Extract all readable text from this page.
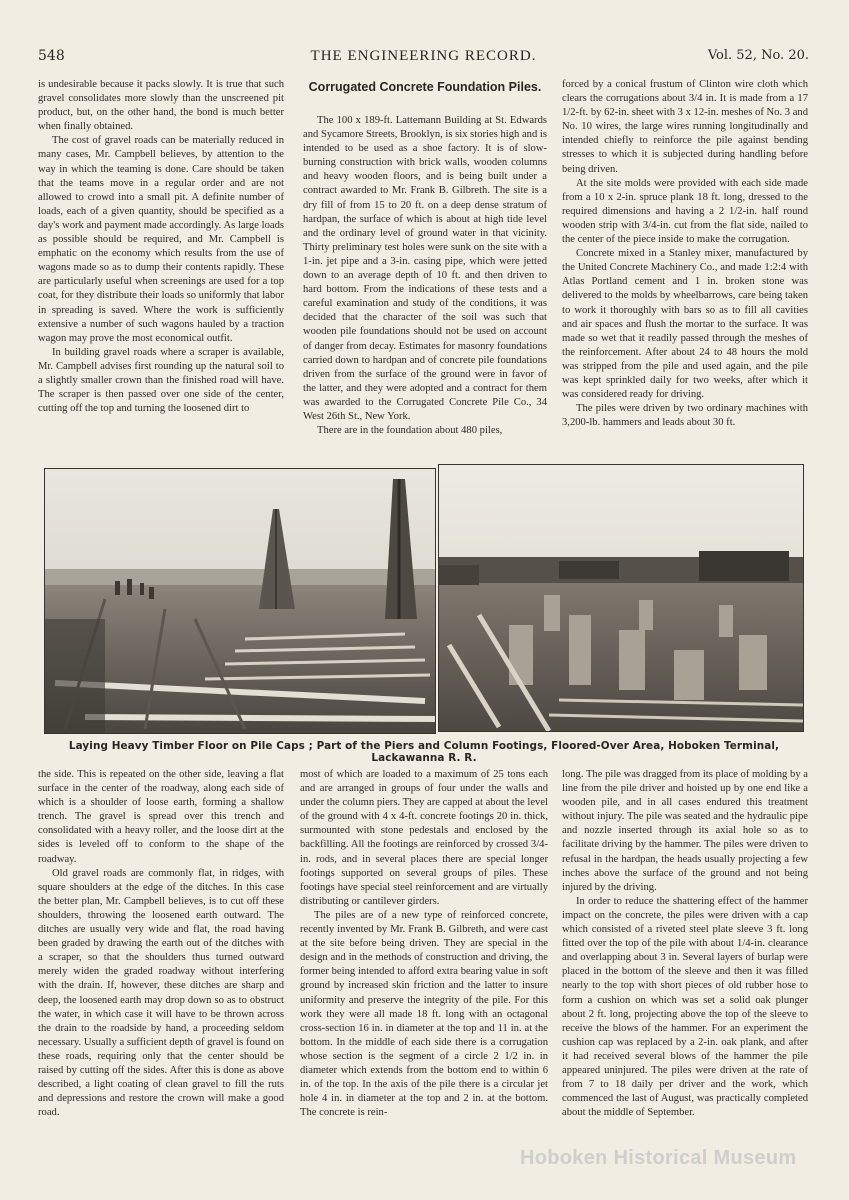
548	THE ENGINEERING RECORD.	Vol. 52, No. 20.
Corrugated Concrete Foundation Piles.

is undesirable because it packs slowly. It is true that such gravel consolidates more slowly than the unscreened pit product, but, on the other hand, the bond is much better when finally obtained.

The cost of gravel roads can be materially reduced in many cases, Mr. Campbell believes, by attention to the way in which the teaming is done. Care should be taken that the teams move in a regular order and are not allowed to crowd into a small pit. A definite number of loads, each of a given quantity, should be specified as a day's work and payment made accordingly. As large loads as possible should be required, and Mr. Campbell is emphatic on the economy which results from the use of wagons made so as to dump their contents rapidly. These are particularly useful when screenings are used for a top coat, for they distribute their loads so uniformly that labor in spreading is saved. Where the work is sufficiently extensive a number of such wagons hauled by a traction wagon may prove the most economical outfit.

In building gravel roads where a scraper is available, Mr. Campbell advises first rounding up the natural soil to a slightly smaller crown than the finished road will have. The scraper is then passed over one side of the center, cutting off the top and turning the loosened dirt to

The 100 x 189-ft. Lattemann Building at St. Edwards and Sycamore Streets, Brooklyn, is six stories high and is intended to be used as a shoe factory. It is of slow-burning construction with brick walls, wooden columns and heavy wooden floors, and is being built under a contract awarded to Mr. Frank B. Gilbreth. The site is a dry fill of from 15 to 20 ft. on a deep dense stratum of hardpan, the surface of which is about at high tide level and the ordinary level of ground water in that vicinity. Thirty preliminary test holes were sunk on the site with a 1-in. jet pipe and a 3-in. casing pipe, which were jetted down to an average depth of 10 ft. and then driven to hard bottom. From the indications of these tests and a careful examination and study of the conditions, it was decided that the character of the soil was such that wooden pile foundations should not be used on account of danger from decay. Estimates for masonry foundations carried down to hardpan and of concrete pile foundations driven from the surface of the ground were in favor of the latter, and they were adopted and a contract for them was awarded to the Corrugated Concrete Pile Co., 34 West 26th St., New York.

There are in the foundation about 480 piles,

forced by a conical frustum of Clinton wire cloth which clears the corrugations about 3/4 in. It is made from a 17 1/2-ft. by 62-in. sheet with 3 x 12-in. meshes of No. 3 and No. 10 wires, the large wires running longitudinally and intended chiefly to reinforce the pile against bending stresses to which it is subjected during handling before being driven.

At the site molds were provided with each side made from a 10 x 2-in. spruce plank 18 ft. long, dressed to the required dimensions and having a 2 1/2-in. half round wooden strip with 3/4-in. cut from the flat side, nailed to the center of the piece inside to make the corrugation.

Concrete mixed in a Stanley mixer, manufactured by the United Concrete Machinery Co., and made 1:2:4 with Atlas Portland cement and 1 in. broken stone was delivered to the molds by wheelbarrows, care being taken to work it thoroughly with bars so as to fill all cavities and air spaces and flush the mortar to the surface. It was made so wet that it readily passed through the meshes of the reinforcement. After about 24 to 48 hours the mold was stripped from the pile and used again, and the pile was kept sprinkled daily for two weeks, after which it was considered ready for driving.

The piles were driven by two ordinary machines with 3,200-lb. hammers and leads about 30 ft.

Laying Heavy Timber Floor on Pile Caps ; Part of the Piers and Column Footings, Floored-Over Area, Hoboken Terminal, Lackawanna R. R.

the side. This is repeated on the other side, leaving a flat surface in the center of the roadway, along each side of which is a shoulder of loose earth, forming a shallow trench. The gravel is spread over this trench and consolidated with a heavy roller, and the loose dirt at the sides is leveled off to conform to the shape of the roadway.

Old gravel roads are commonly flat, in ridges, with square shoulders at the edge of the ditches. In this case the better plan, Mr. Campbell believes, is to cut off these shoulders, throwing the loosened earth outward. The ditches are usually very wide and flat, the road having been graded by drawing the earth out of the ditches with a scraper, so that the shoulders thus turned outward merely widen the graded roadway without interfering with the drain. If, however, these ditches are sharp and deep, the loosened earth may drop down so as to obstruct the water, in which case it will have to be thrown across the drain to the roadside by hand, a proceeding seldom necessary. Usually a sufficient depth of gravel is found on these roads, requiring only that the center should be raised by cutting off the sides. After this is done as above described, a light coating of clean gravel to fill the ruts and depressions and restore the crown will make a good road.

most of which are loaded to a maximum of 25 tons each and are arranged in groups of four under the walls and under the column piers. They are capped at about the level of the ground with 4 x 4-ft. concrete footings 20 in. thick, surmounted with stone pedestals and enclosed by the backfilling. All the footings are reinforced by crossed 3/4-in. rods, and in several places there are special longer footings supported on several groups of piles. These footings have special steel reinforcement and are virtually distributing or cantilever girders.

The piles are of a new type of reinforced concrete, recently invented by Mr. Frank B. Gilbreth, and were cast at the site before being driven. They are special in the design and in the methods of construction and driving, the former being intended to afford extra bearing value in soft ground by increased skin friction and the latter to insure uniformity and preserve the integrity of the pile. For this work they were all made 18 ft. long with an octagonal cross-section 16 in. in diameter at the top and 11 in. at the bottom. In the middle of each side there is a corrugation whose section is the segment of a circle 2 1/2 in. in diameter which extends from the bottom end to within 6 in. of the top. In the axis of the pile there is a circular jet hole 4 in. in diameter at the top and 2 in. at the bottom. The concrete is rein-

long. The pile was dragged from its place of molding by a line from the pile driver and hoisted up by one end like a wooden pile, and in all cases endured this treatment without injury. The pile was seated and the hydraulic pipe and nozzle inserted through its axial hole so as to facilitate driving by the hammer. The piles were driven to refusal in the hardpan, the heads usually projecting a few inches above the surface of the ground and not being injured by the driving.

In order to reduce the shattering effect of the hammer impact on the concrete, the piles were driven with a cap which consisted of a riveted steel plate sleeve 3 ft. long fitted over the top of the pile with about 1/4-in. clearance and overlapping about 3 in. Several layers of burlap were placed in the bottom of the sleeve and then it was filled nearly to the top with short pieces of old rubber hose to form a cushion on which was set a solid oak plunger about 2 ft. long, projecting above the top of the sleeve to receive the blows of the hammer. For an experiment the cushion cap was replaced by a 2-in. oak plank, and after it had received several blows of the hammer the pile appeared uninjured. The piles were driven at the rate of from 7 to 18 daily per driver and the work, which commenced the last of August, was practically completed about the middle of September.

Hoboken Historical Museum
